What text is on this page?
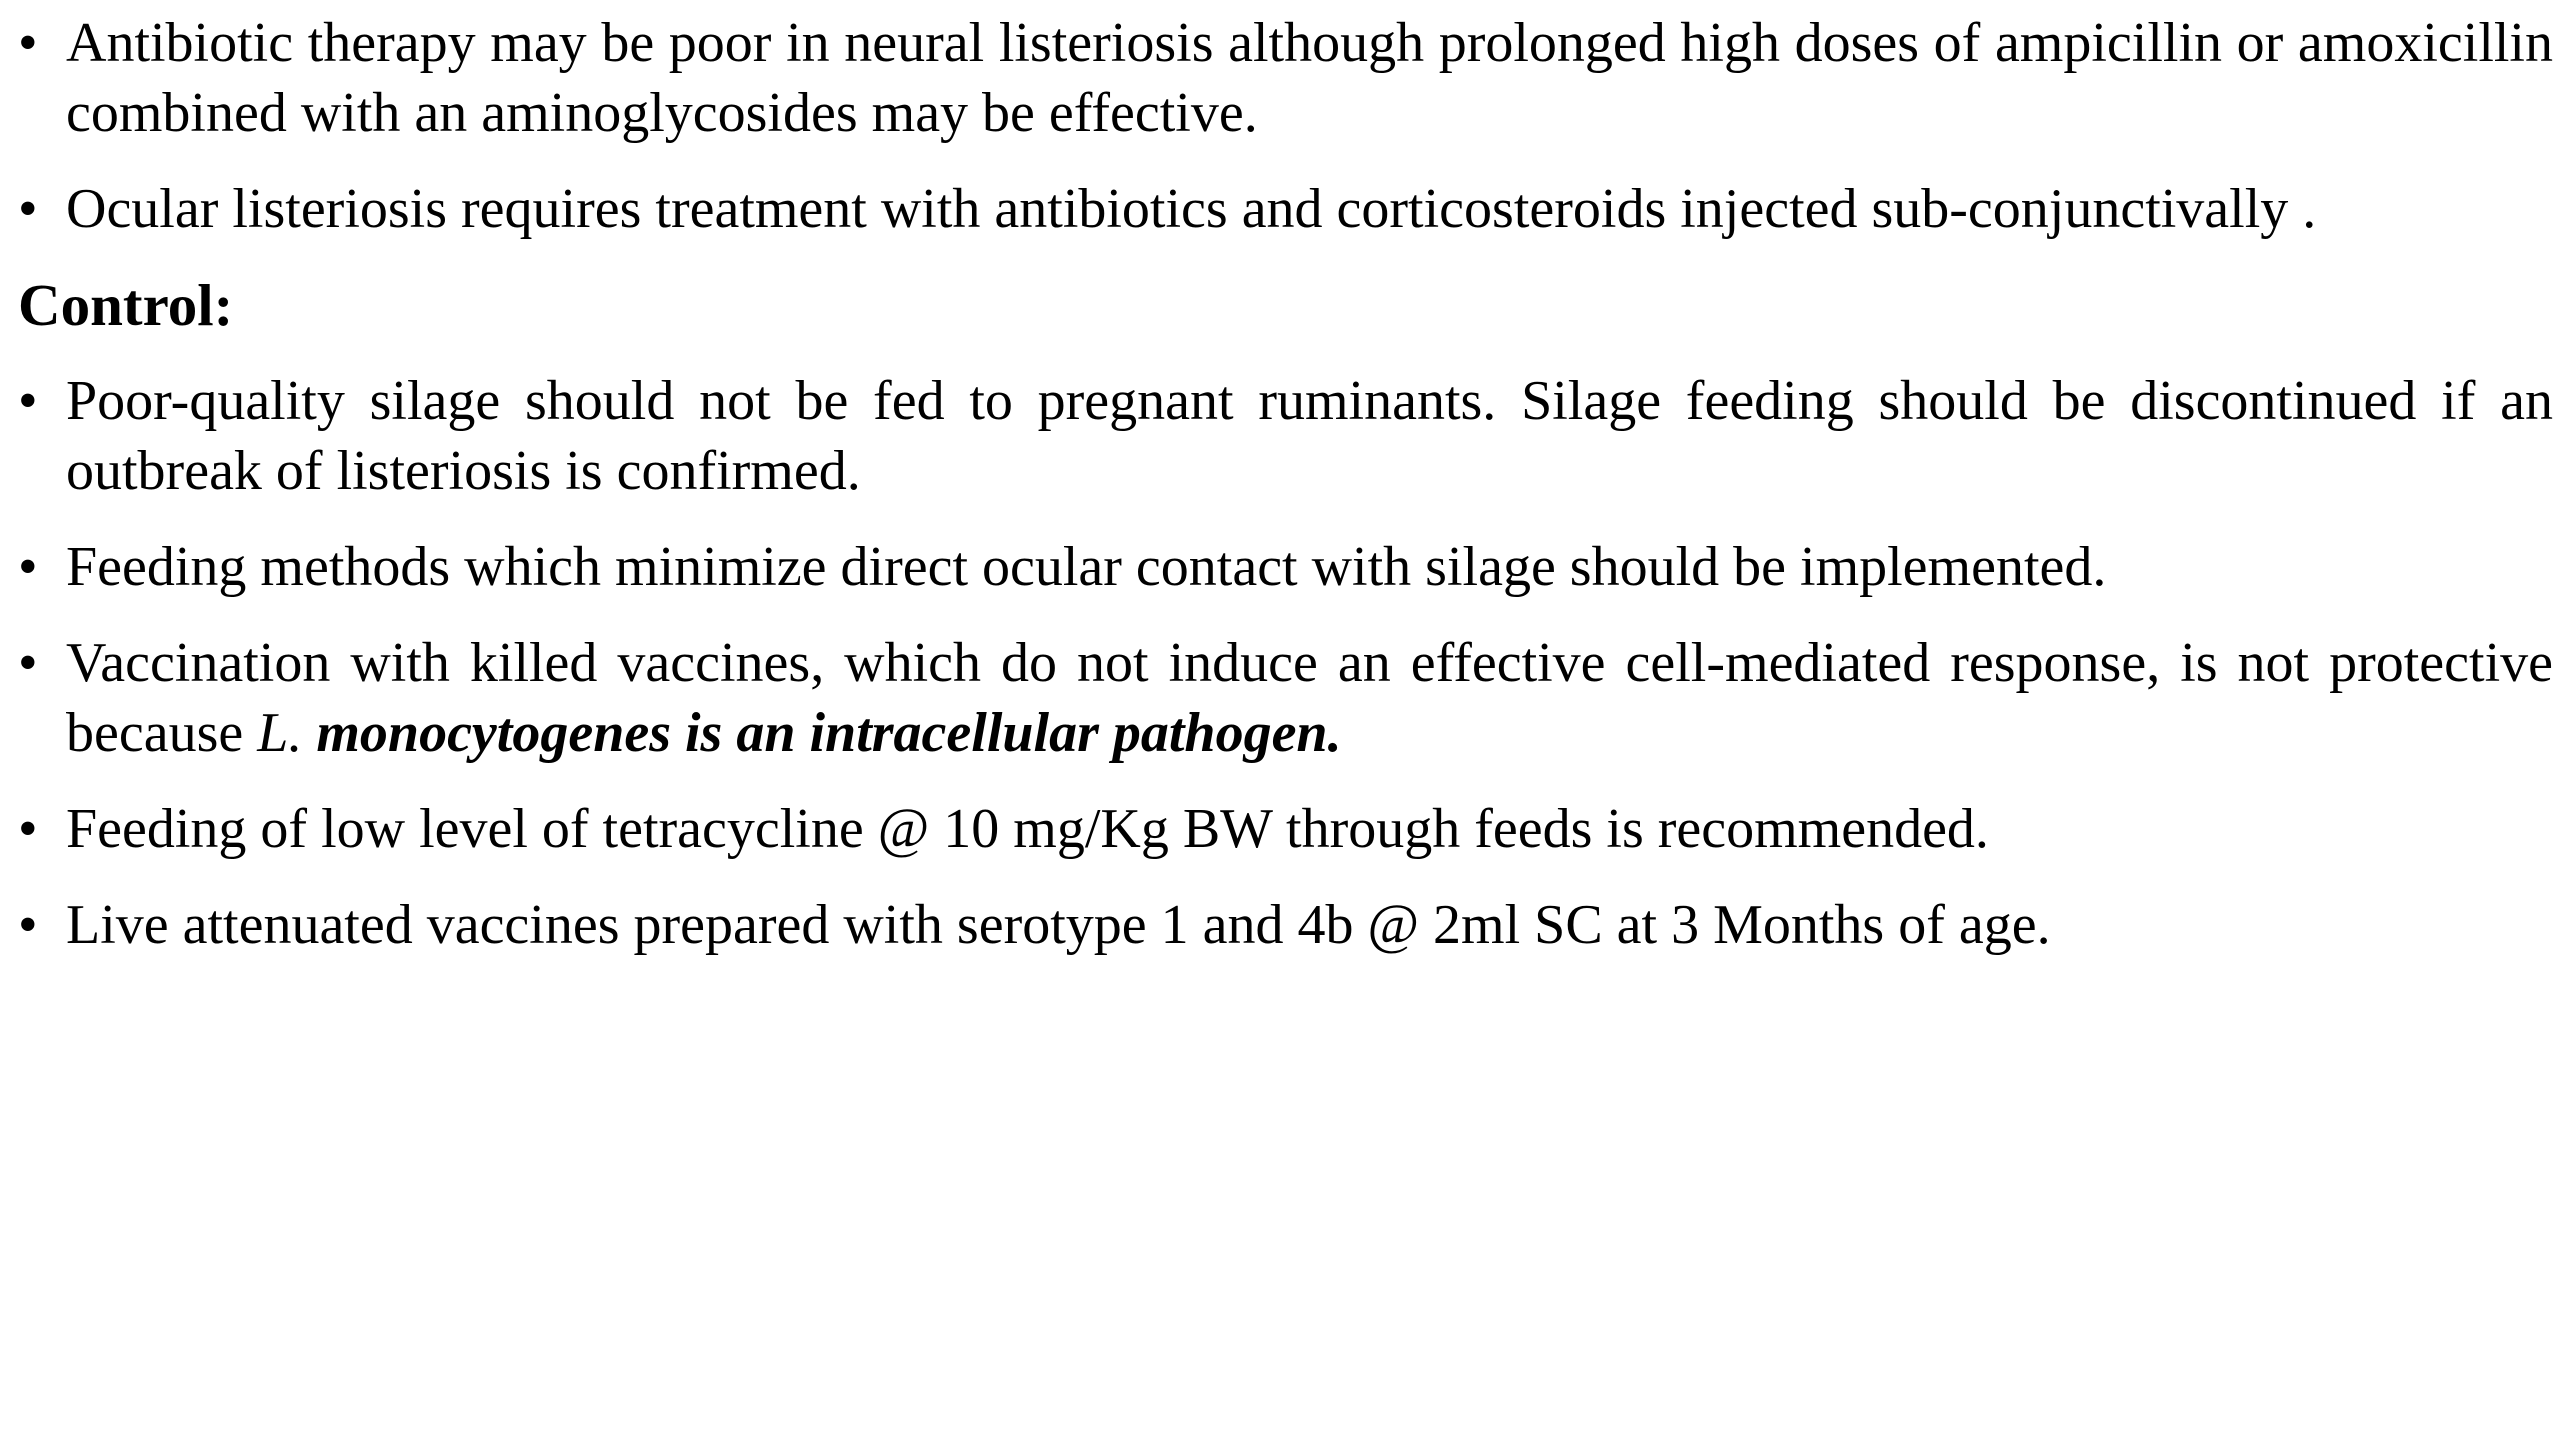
• Antibiotic therapy may be poor in neural listeriosis although prolonged high doses of ampicillin or amoxicillin combined with an aminoglycosides may be effective.
• Ocular listeriosis requires treatment with antibiotics and corticosteroids injected sub-conjunctivally .
Control:
• Poor-quality silage should not be fed to pregnant ruminants. Silage feeding should be discontinued if an outbreak of listeriosis is confirmed.
• Feeding methods which minimize direct ocular contact with silage should be implemented.
• Vaccination with killed vaccines, which do not induce an effective cell-mediated response, is not protective because L. monocytogenes is an intracellular pathogen.
• Feeding of low level of tetracycline @ 10 mg/Kg BW through feeds is recommended.
• Live attenuated vaccines prepared with serotype 1 and 4b @ 2ml SC at 3 Months of age.
